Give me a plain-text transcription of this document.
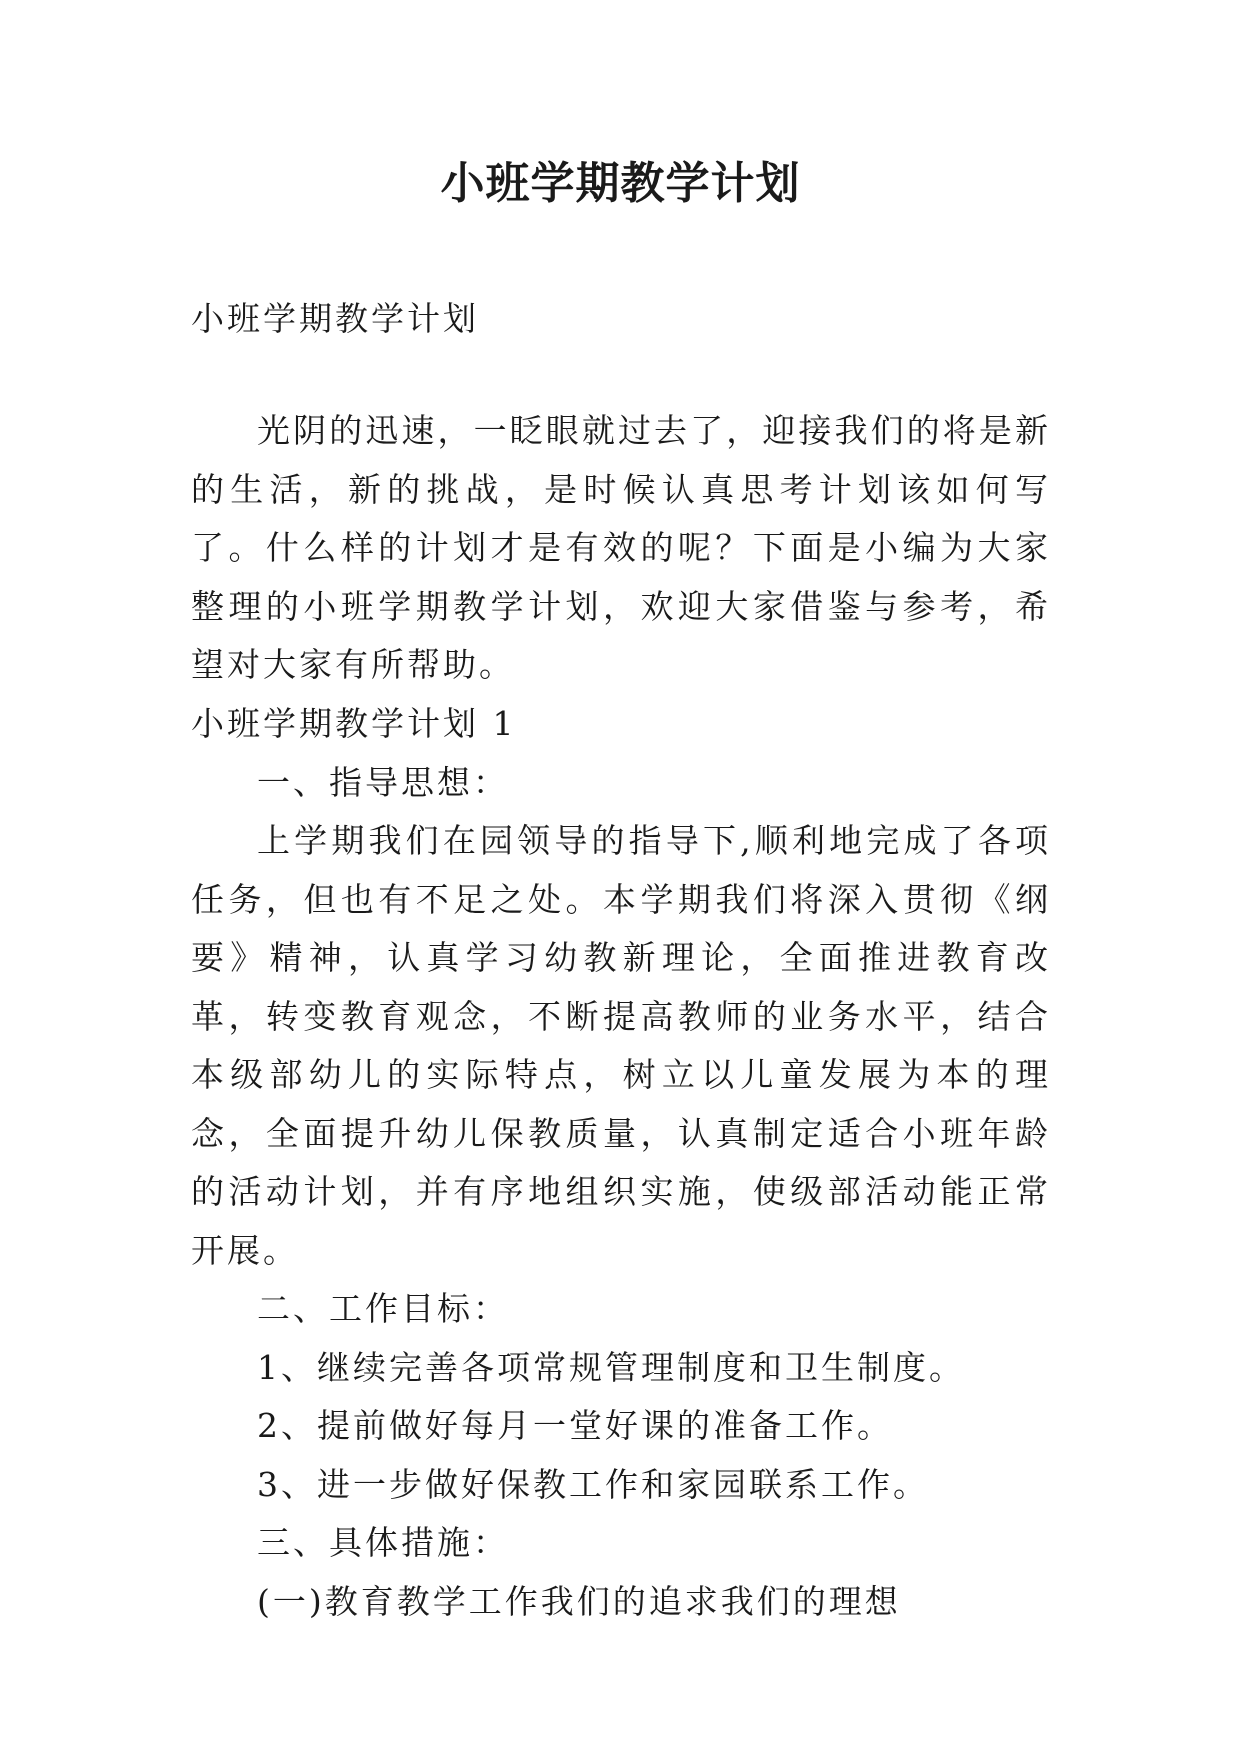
小班学期教学计划
小班学期教学计划
光阴的迅速，一眨眼就过去了，迎接我们的将是新的生活，新的挑战，是时候认真思考计划该如何写了。什么样的计划才是有效的呢？下面是小编为大家整理的小班学期教学计划，欢迎大家借鉴与参考，希望对大家有所帮助。

小班学期教学计划 1

一、指导思想：

上学期我们在园领导的指导下,顺利地完成了各项任务，但也有不足之处。本学期我们将深入贯彻《纲要》精神，认真学习幼教新理论，全面推进教育改革，转变教育观念，不断提高教师的业务水平，结合本级部幼儿的实际特点，树立以儿童发展为本的理念，全面提升幼儿保教质量，认真制定适合小班年龄的活动计划，并有序地组织实施，使级部活动能正常开展。

二、工作目标：

1、继续完善各项常规管理制度和卫生制度。

2、提前做好每月一堂好课的准备工作。

3、进一步做好保教工作和家园联系工作。

三、具体措施：

(一)教育教学工作我们的追求我们的理想
